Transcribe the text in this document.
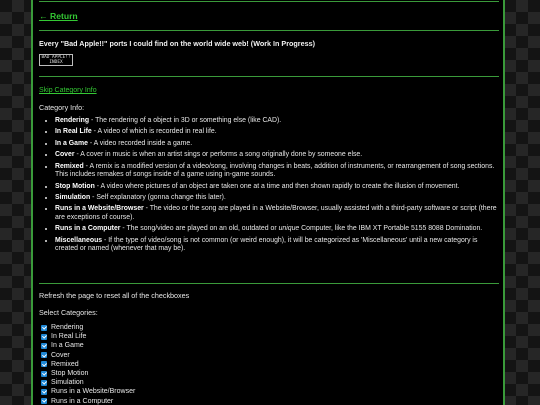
← Return
Every "Bad Apple!!" ports I could find on the world wide web! (Work In Progress)
BAD APPLE!!
INDEX
Skip Category Info
Category Info:
• Rendering - The rendering of a object in 3D or something else (like CAD).
• In Real Life - A video of which is recorded in real life.
• In a Game - A video recorded inside a game.
• Cover - A cover in music is when an artist sings or performs a song originally done by someone else.
• Remixed - A remix is a modified version of a video/song, involving changes in beats, addition of instruments, or rearrangement of song sections. This includes remakes of songs inside of a game using in-game sounds.
• Stop Motion - A video where pictures of an object are taken one at a time and then shown rapidly to create the illusion of movement.
• Simulation - Self explanatory (gonna change this later).
• Runs in a Website/Browser - The video or the song are played in a Website/Browser, usually assisted with a third-party software or script (there are exceptions of course).
• Runs in a Computer - The song/video are played on an old, outdated or unique Computer, like the IBM XT Portable 5155 8088 Domination.
• Miscellaneous - If the type of video/song is not common (or weird enough), it will be categorized as 'Miscellaneous' until a new category is created or named (whenever that may be).
Refresh the page to reset all of the checkboxes
Select Categories:
Rendering
In Real Life
In a Game
Cover
Remixed
Stop Motion
Simulation
Runs in a Website/Browser
Runs in a Computer
